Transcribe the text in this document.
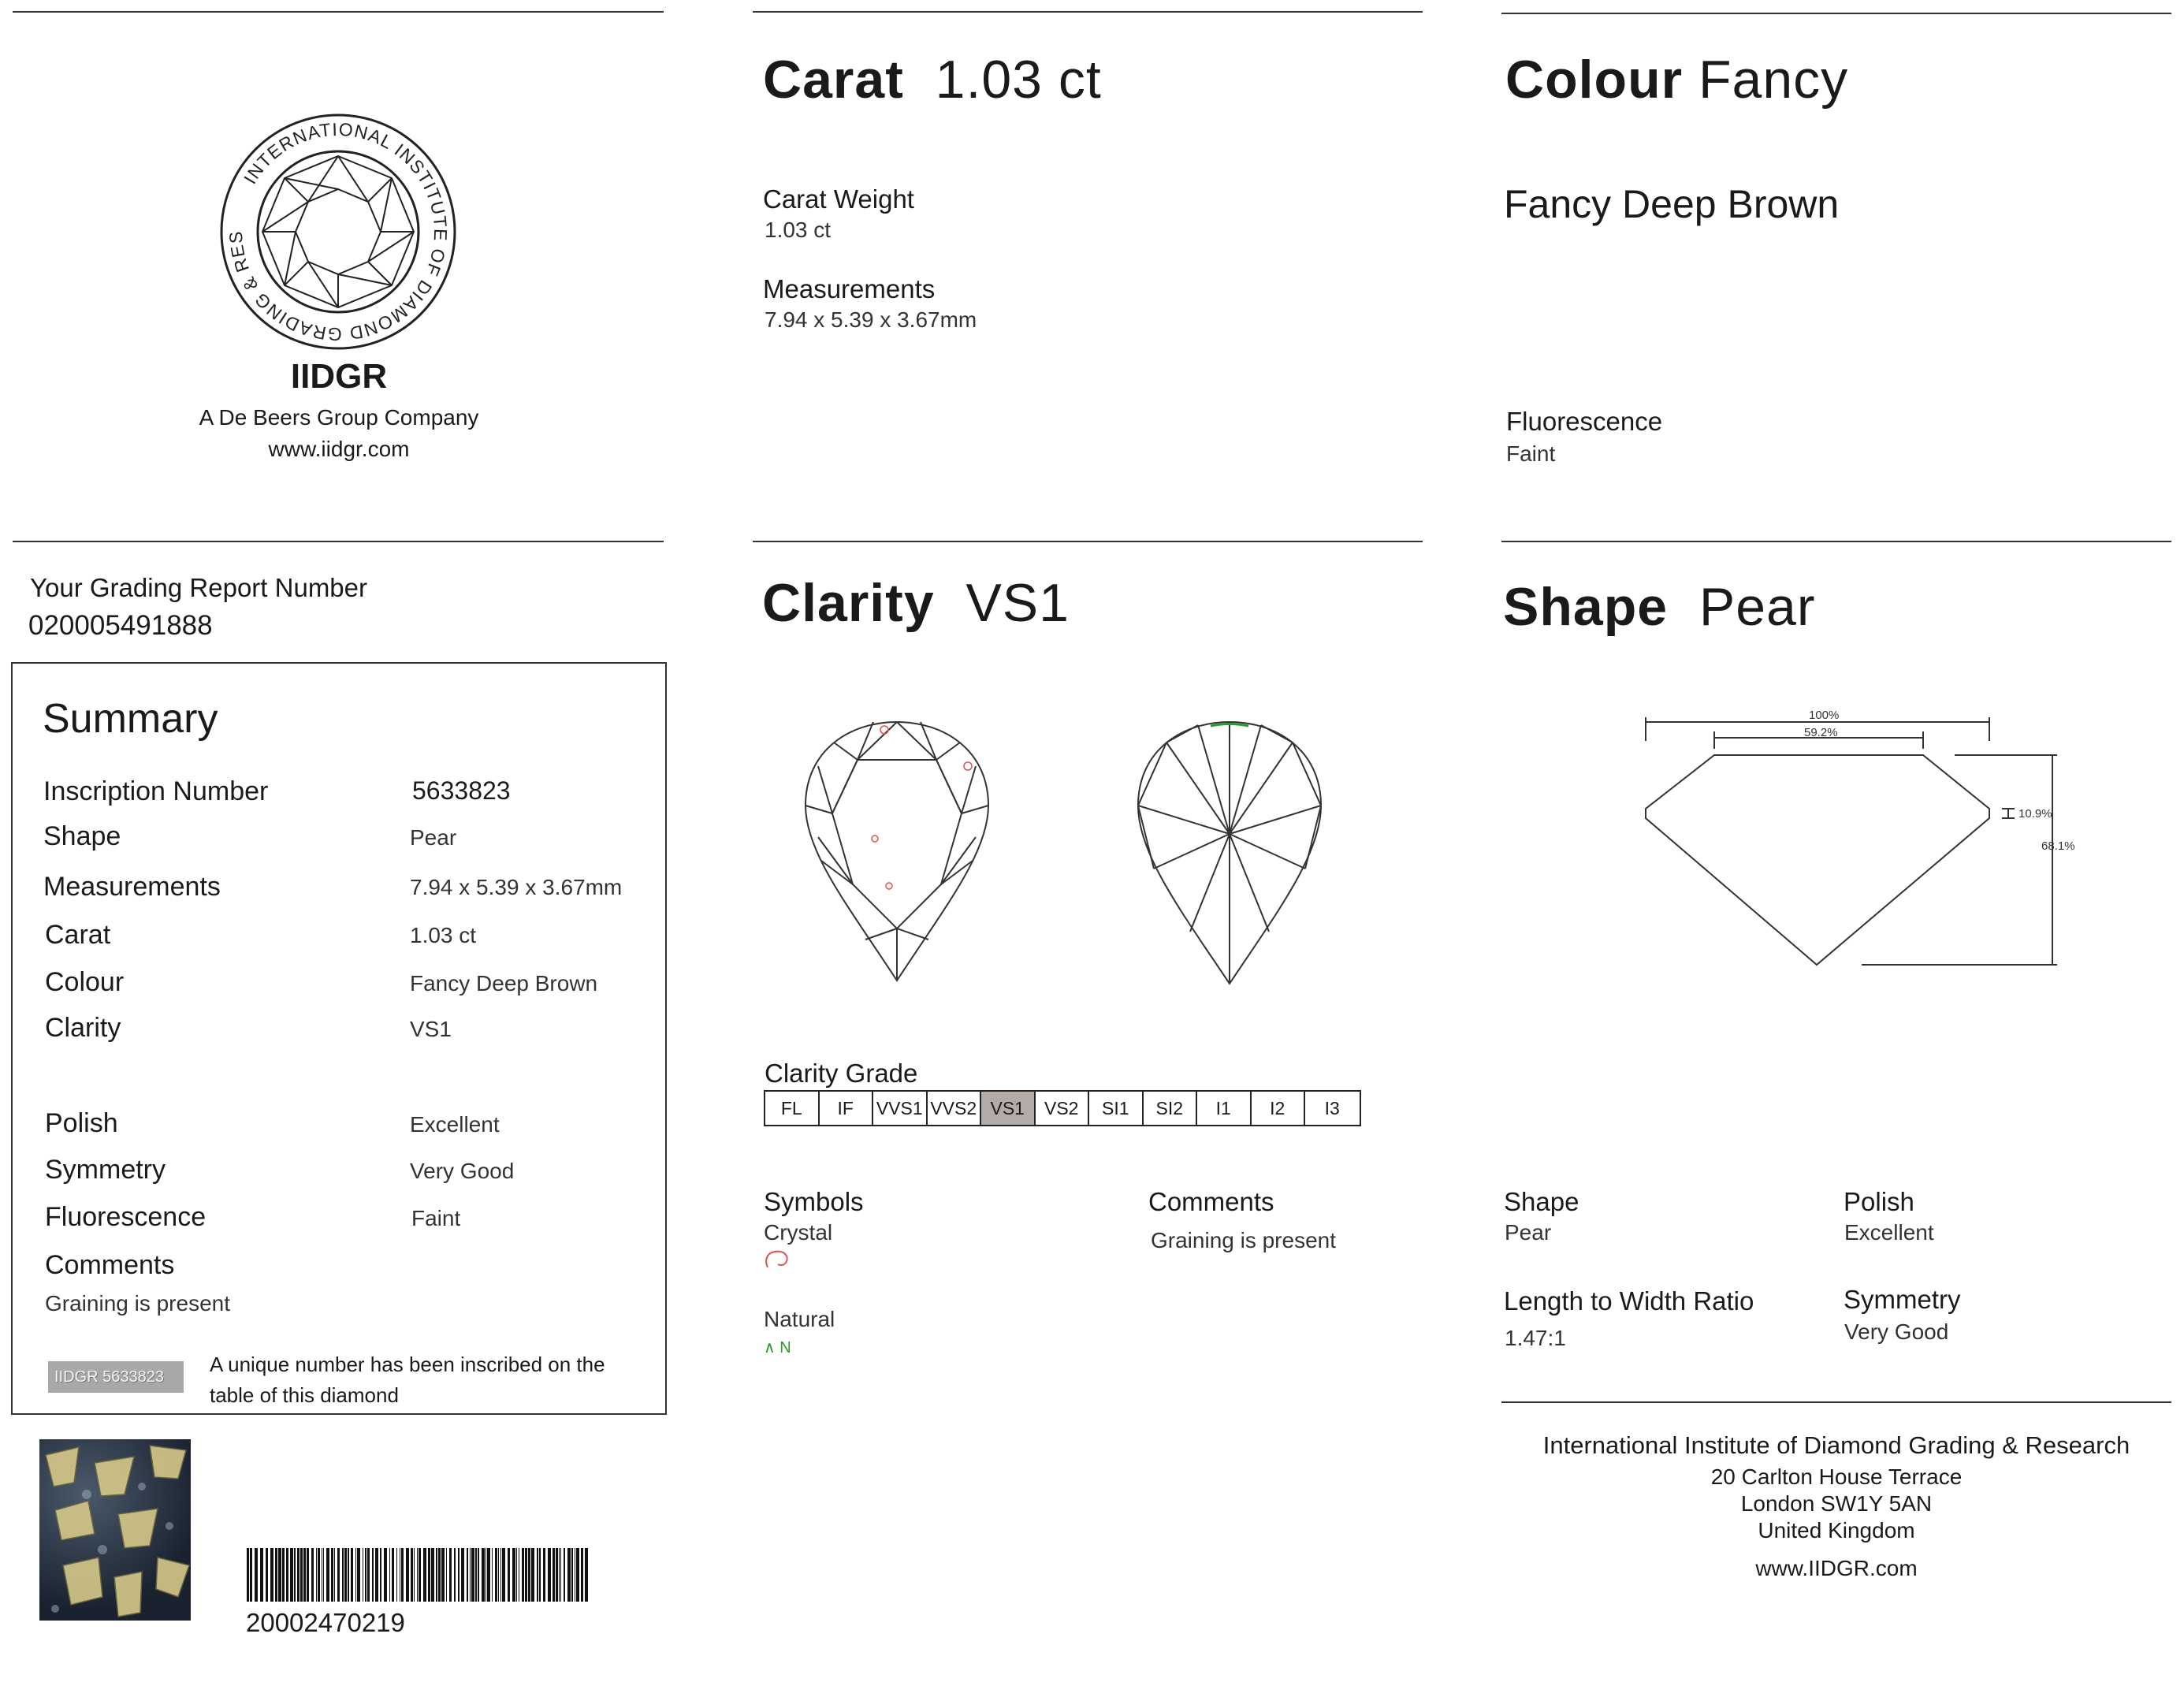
INTERNATIONAL INSTITUTE OF DIAMOND GRADING & RESEARCH
IIDGR
A De Beers Group Company
www.iidgr.com
Your Grading Report Number
020005491888
Summary
Inscription Number	5633823
Shape	Pear
Measurements	7.94 x 5.39 x 3.67mm
Carat	1.03 ct
Colour	Fancy Deep Brown
Clarity	VS1
Polish	Excellent
Symmetry	Very Good
Fluorescence	Faint
Comments
Graining is present
IIDGR 5633823
A unique number has been inscribed on the
table of this diamond
20002470219
Carat 1.03 ct
Carat Weight
1.03 ct
Measurements
7.94 x 5.39 x 3.67mm
Colour Fancy
Fancy Deep Brown
Fluorescence
Faint
Clarity VS1
Clarity Grade
FL	IF	VVS1 VVS2 VS1	VS2	SI1	SI2	I1	I2	I3
Symbols
Crystal
Natural
∧ N
Comments
Graining is present
Shape Pear
100%
59.2%
10.9%
68.1%
Shape
Pear
Polish
Excellent
Length to Width Ratio
1.47:1
Symmetry
Very Good
International Institute of Diamond Grading & Research
20 Carlton House Terrace
London SW1Y 5AN
United Kingdom
www.IIDGR.com
